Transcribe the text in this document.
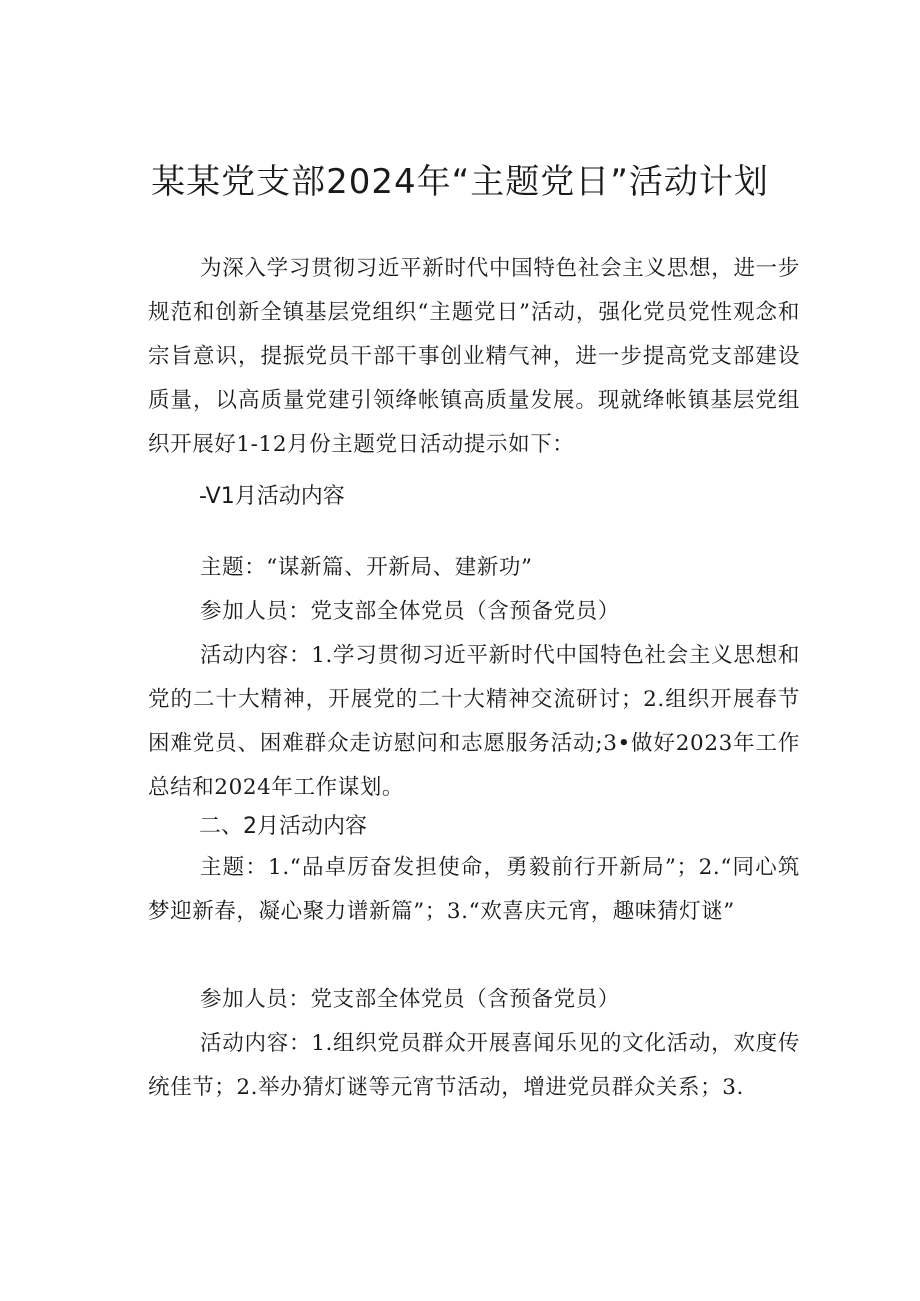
某某党支部2024年“主题党日”活动计划

为深入学习贯彻习近平新时代中国特色社会主义思想，进一步规范和创新全镇基层党组织“主题党日”活动，强化党员党性观念和宗旨意识，提振党员干部干事创业精气神，进一步提高党支部建设质量，以高质量党建引领绛帐镇高质量发展。现就绛帐镇基层党组织开展好1-12月份主题党日活动提示如下：

-V1月活动内容

主题：“谋新篇、开新局、建新功”

参加人员：党支部全体党员（含预备党员）

活动内容：1.学习贯彻习近平新时代中国特色社会主义思想和党的二十大精神，开展党的二十大精神交流研讨；2.组织开展春节困难党员、困难群众走访慰问和志愿服务活动;3•做好2023年工作总结和2024年工作谋划。

二、2月活动内容

主题：1.“品卓厉奋发担使命，勇毅前行开新局”；2.“同心筑梦迎新春，凝心聚力谱新篇”；3.“欢喜庆元宵，趣味猜灯谜”

参加人员：党支部全体党员（含预备党员）

活动内容：1.组织党员群众开展喜闻乐见的文化活动，欢度传统佳节；2.举办猜灯谜等元宵节活动，增进党员群众关系；3.
